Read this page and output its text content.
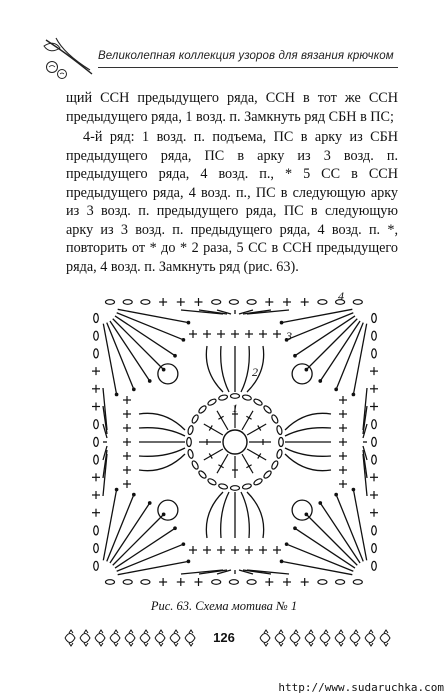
Великолепная коллекция узоров для вязания крючком

щий ССН предыдущего ряда, ССН в тот же ССН предыдущего ряда, 1 возд. п. Замкнуть ряд СБН в ПС;

4-й ряд: 1 возд. п. подъема, ПС в арку из СБН предыдущего ряда, ПС в арку из 3 возд. п. предыдущего ряда, 4 возд. п., * 5 СС в ССН предыдущего ряда, 4 возд. п., ПС в следующую арку из 3 возд. п. предыдущего ряда, ПС в следующую арку из 3 возд. п. предыдущего ряда, 4 возд. п. *, повторить от * до * 2 раза, 5 СС в ССН предыдущего ряда, 4 возд. п. Замкнуть ряд (рис. 63).

1
2
3
4
Рис. 63. Схема мотива № 1
126
http://www.sudaruchka.com
